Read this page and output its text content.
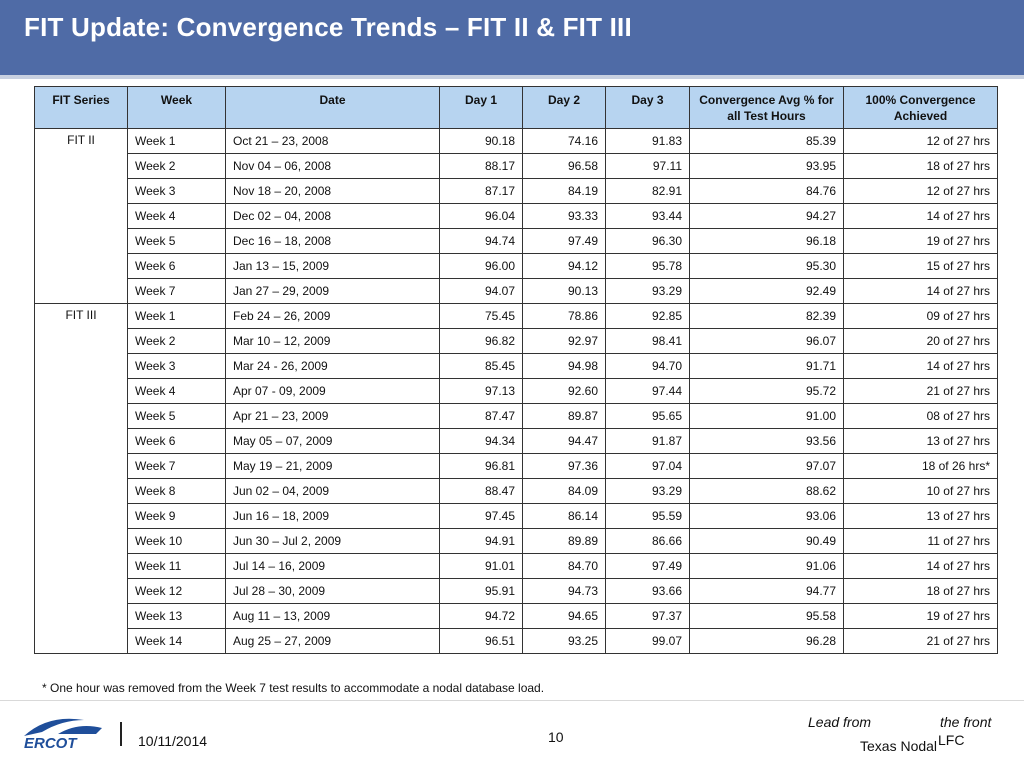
FIT Update: Convergence Trends – FIT II & FIT III
FIT Series	Week	Date	Day 1	Day 2	Day 3	Convergence Avg % for all Test Hours	100% Convergence Achieved
FIT II	Week 1	Oct 21 – 23, 2008	90.18	74.16	91.83	85.39	12 of 27 hrs
	Week 2	Nov 04 – 06, 2008	88.17	96.58	97.11	93.95	18 of 27 hrs
	Week 3	Nov 18 – 20, 2008	87.17	84.19	82.91	84.76	12 of 27 hrs
	Week 4	Dec 02 – 04, 2008	96.04	93.33	93.44	94.27	14 of 27 hrs
	Week 5	Dec 16 – 18, 2008	94.74	97.49	96.30	96.18	19 of 27 hrs
	Week 6	Jan 13 – 15, 2009	96.00	94.12	95.78	95.30	15 of 27 hrs
	Week 7	Jan 27 – 29, 2009	94.07	90.13	93.29	92.49	14 of 27 hrs
FIT III	Week 1	Feb 24 – 26, 2009	75.45	78.86	92.85	82.39	09 of 27 hrs
	Week 2	Mar 10 – 12, 2009	96.82	92.97	98.41	96.07	20 of 27 hrs
	Week 3	Mar 24 - 26, 2009	85.45	94.98	94.70	91.71	14 of 27 hrs
	Week 4	Apr 07 - 09, 2009	97.13	92.60	97.44	95.72	21 of 27 hrs
	Week 5	Apr 21 – 23, 2009	87.47	89.87	95.65	91.00	08 of 27 hrs
	Week 6	May 05 – 07, 2009	94.34	94.47	91.87	93.56	13 of 27 hrs
	Week 7	May 19 – 21, 2009	96.81	97.36	97.04	97.07	18 of 26 hrs*
	Week 8	Jun 02 – 04, 2009	88.47	84.09	93.29	88.62	10 of 27 hrs
	Week 9	Jun 16 – 18, 2009	97.45	86.14	95.59	93.06	13 of 27 hrs
	Week 10	Jun 30 – Jul 2, 2009	94.91	89.89	86.66	90.49	11 of 27 hrs
	Week 11	Jul 14 – 16, 2009	91.01	84.70	97.49	91.06	14 of 27 hrs
	Week 12	Jul 28 – 30, 2009	95.91	94.73	93.66	94.77	18 of 27 hrs
	Week 13	Aug 11 – 13, 2009	94.72	94.65	97.37	95.58	19 of 27 hrs
	Week 14	Aug 25 – 27, 2009	96.51	93.25	99.07	96.28	21 of 27 hrs
* One hour was removed from the Week 7 test results to accommodate a nodal database load.
ERCOT	10/11/2014	10
Lead from	the front
LFC
Texas Nodal
